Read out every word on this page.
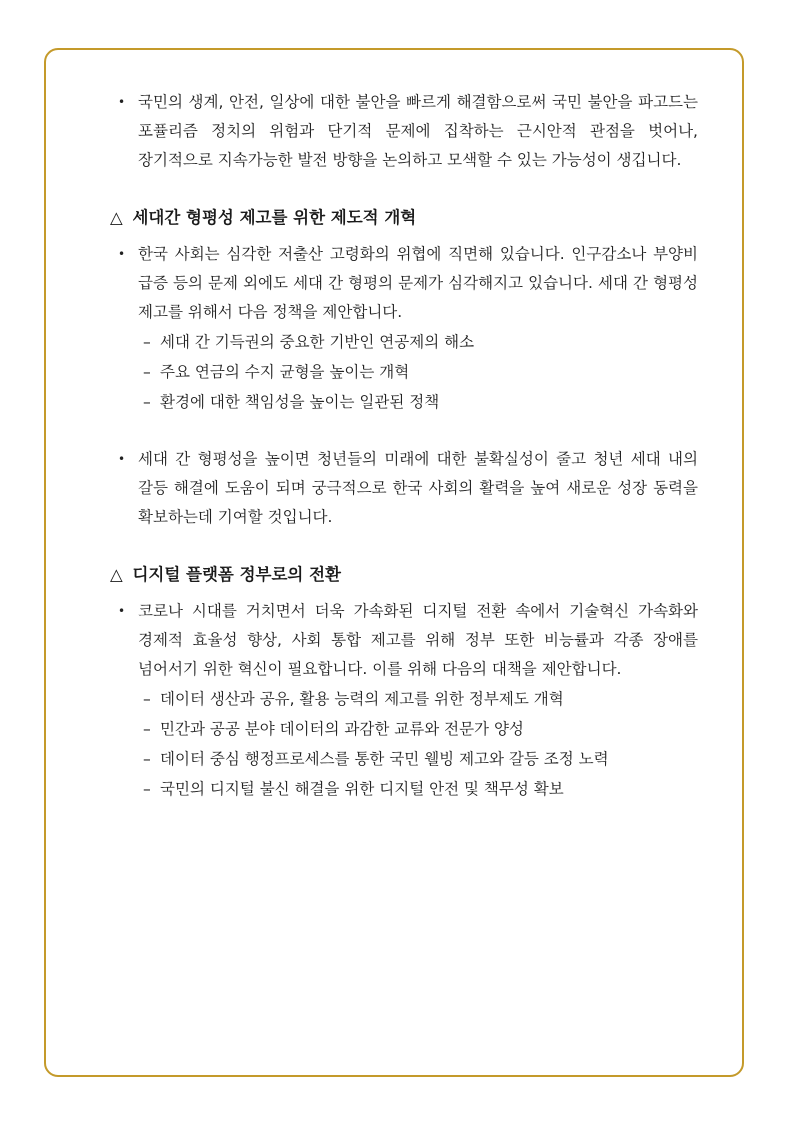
• 국민의 생계, 안전, 일상에 대한 불안을 빠르게 해결함으로써 국민 불안을 파고드는 포퓰리즘 정치의 위험과 단기적 문제에 집착하는 근시안적 관점을 벗어나, 장기적으로 지속가능한 발전 방향을 논의하고 모색할 수 있는 가능성이 생깁니다.
△ 세대간 형평성 제고를 위한 제도적 개혁
• 한국 사회는 심각한 저출산 고령화의 위협에 직면해 있습니다. 인구감소나 부양비 급증 등의 문제 외에도 세대 간 형평의 문제가 심각해지고 있습니다. 세대 간 형평성 제고를 위해서 다음 정책을 제안합니다.
– 세대 간 기득권의 중요한 기반인 연공제의 해소
– 주요 연금의 수지 균형을 높이는 개혁
– 환경에 대한 책임성을 높이는 일관된 정책
• 세대 간 형평성을 높이면 청년들의 미래에 대한 불확실성이 줄고 청년 세대 내의 갈등 해결에 도움이 되며 궁극적으로 한국 사회의 활력을 높여 새로운 성장 동력을 확보하는데 기여할 것입니다.
△ 디지털 플랫폼 정부로의 전환
• 코로나 시대를 거치면서 더욱 가속화된 디지털 전환 속에서 기술혁신 가속화와 경제적 효율성 향상, 사회 통합 제고를 위해 정부 또한 비능률과 각종 장애를 넘어서기 위한 혁신이 필요합니다. 이를 위해 다음의 대책을 제안합니다.
– 데이터 생산과 공유, 활용 능력의 제고를 위한 정부제도 개혁
– 민간과 공공 분야 데이터의 과감한 교류와 전문가 양성
– 데이터 중심 행정프로세스를 통한 국민 웰빙 제고와 갈등 조정 노력
– 국민의 디지털 불신 해결을 위한 디지털 안전 및 책무성 확보
